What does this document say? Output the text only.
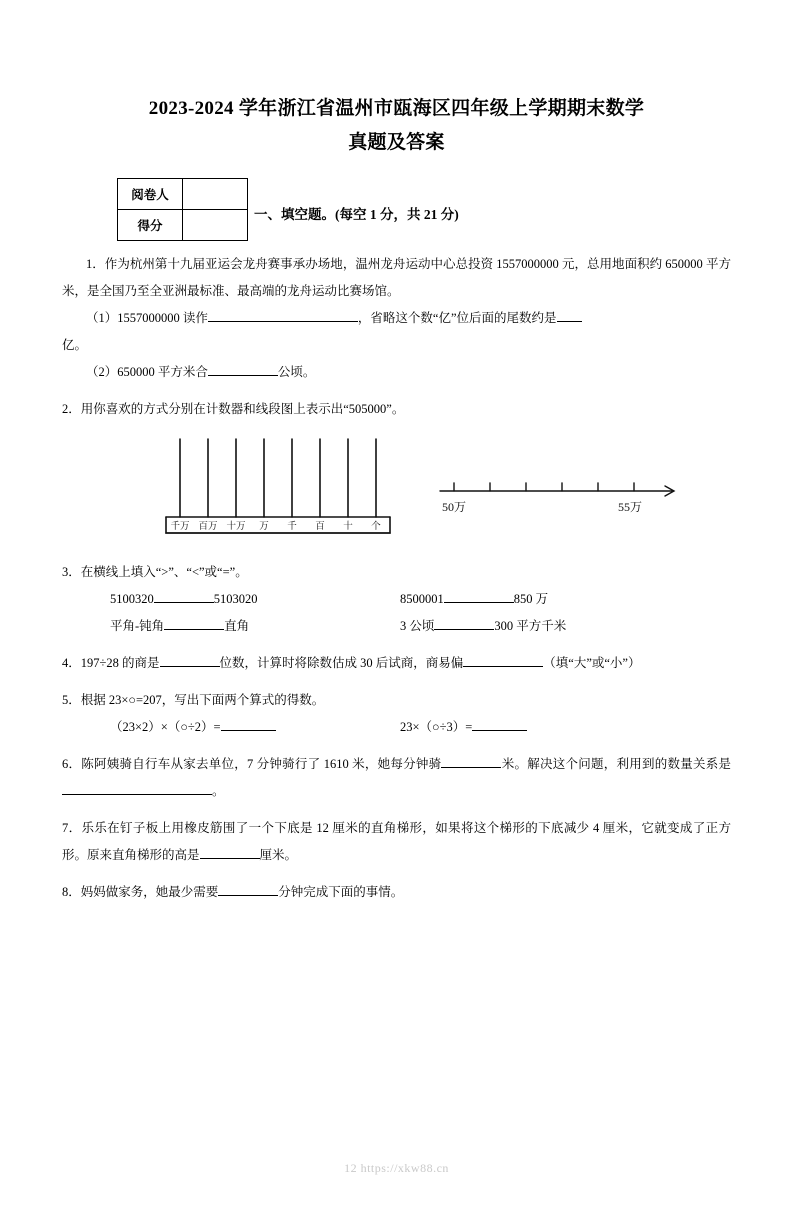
2023-2024 学年浙江省温州市瓯海区四年级上学期期末数学
真题及答案
阅卷人	
得分	
一、填空题。(每空 1 分，共 21 分)
1．作为杭州第十九届亚运会龙舟赛事承办场地，温州龙舟运动中心总投资 1557000000 元，总用地面积约 650000 平方米，是全国乃至全亚洲最标准、最高端的龙舟运动比赛场馆。
（1）1557000000 读作	，省略这个数“亿”位后面的尾数约是
亿。
（2）650000 平方米合	公顷。
2．用你喜欢的方式分别在计数器和线段图上表示出“505000”。
千万 百万 十万 万 千 百 十 个
50万	55万
3．在横线上填入“>”、“<”或“=”。
5100320	5103020	8500001	850 万
平角-钝角	直角	3 公顷	300 平方千米
4．197÷28 的商是	位数，计算时将除数估成 30 后试商，商易偏	（填“大”或“小”）
5．根据 23×○=207，写出下面两个算式的得数。
（23×2）×（○÷2）=	23×（○÷3）=
6．陈阿姨骑自行车从家去单位，7 分钟骑行了 1610 米，她每分钟骑	米。解决这个问题，利用到的数量关系是。
7．乐乐在钉子板上用橡皮筋围了一个下底是 12 厘米的直角梯形，如果将这个梯形的下底减少 4 厘米，它就变成了正方形。原来直角梯形的高是	厘米。
8．妈妈做家务，她最少需要	分钟完成下面的事情。
12 https://xkw88.cn
